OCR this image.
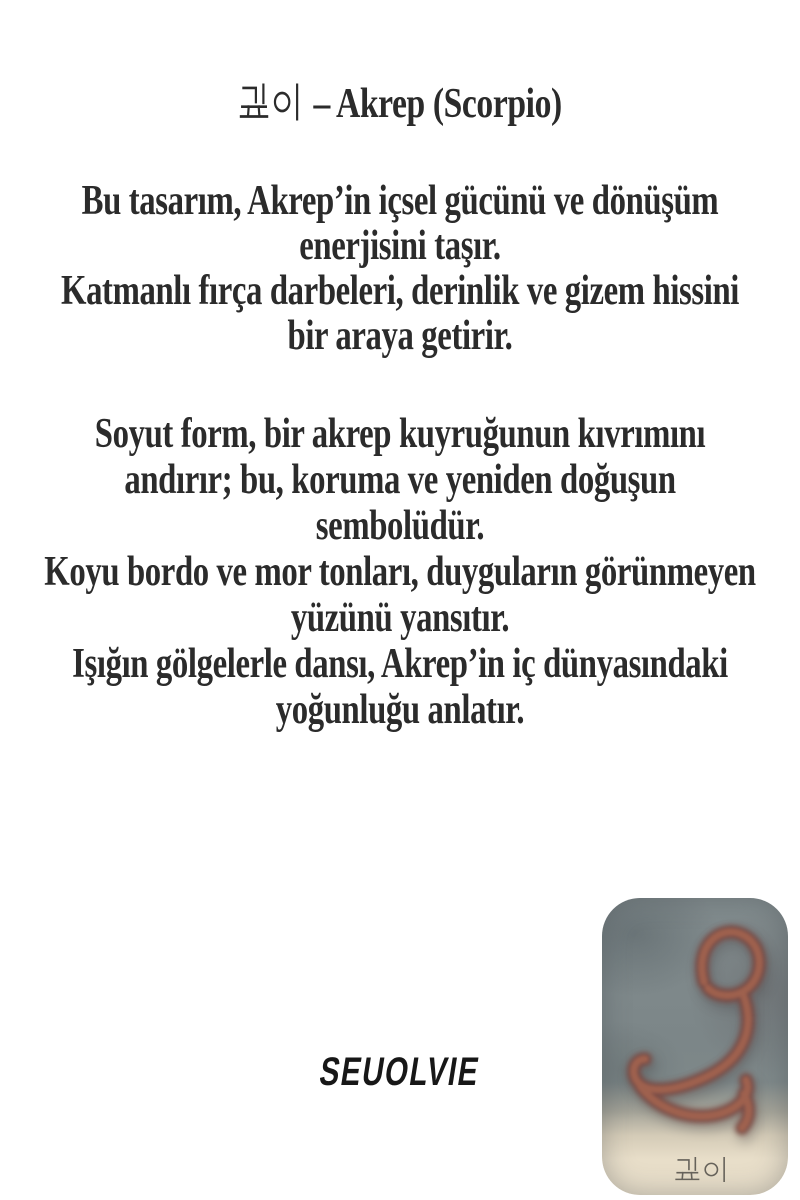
– Akrep (Scorpio)
Bu tasarım, Akrep’in içsel gücünü ve dönüşüm
enerjisini taşır.
Katmanlı fırça darbeleri, derinlik ve gizem hissini
bir araya getirir.
Soyut form, bir akrep kuyruğunun kıvrımını
andırır; bu, koruma ve yeniden doğuşun
sembolüdür.
Koyu bordo ve mor tonları, duyguların görünmeyen
yüzünü yansıtır.
Işığın gölgelerle dansı, Akrep’in iç dünyasındaki
yoğunluğu anlatır.
SEUOLVIE
